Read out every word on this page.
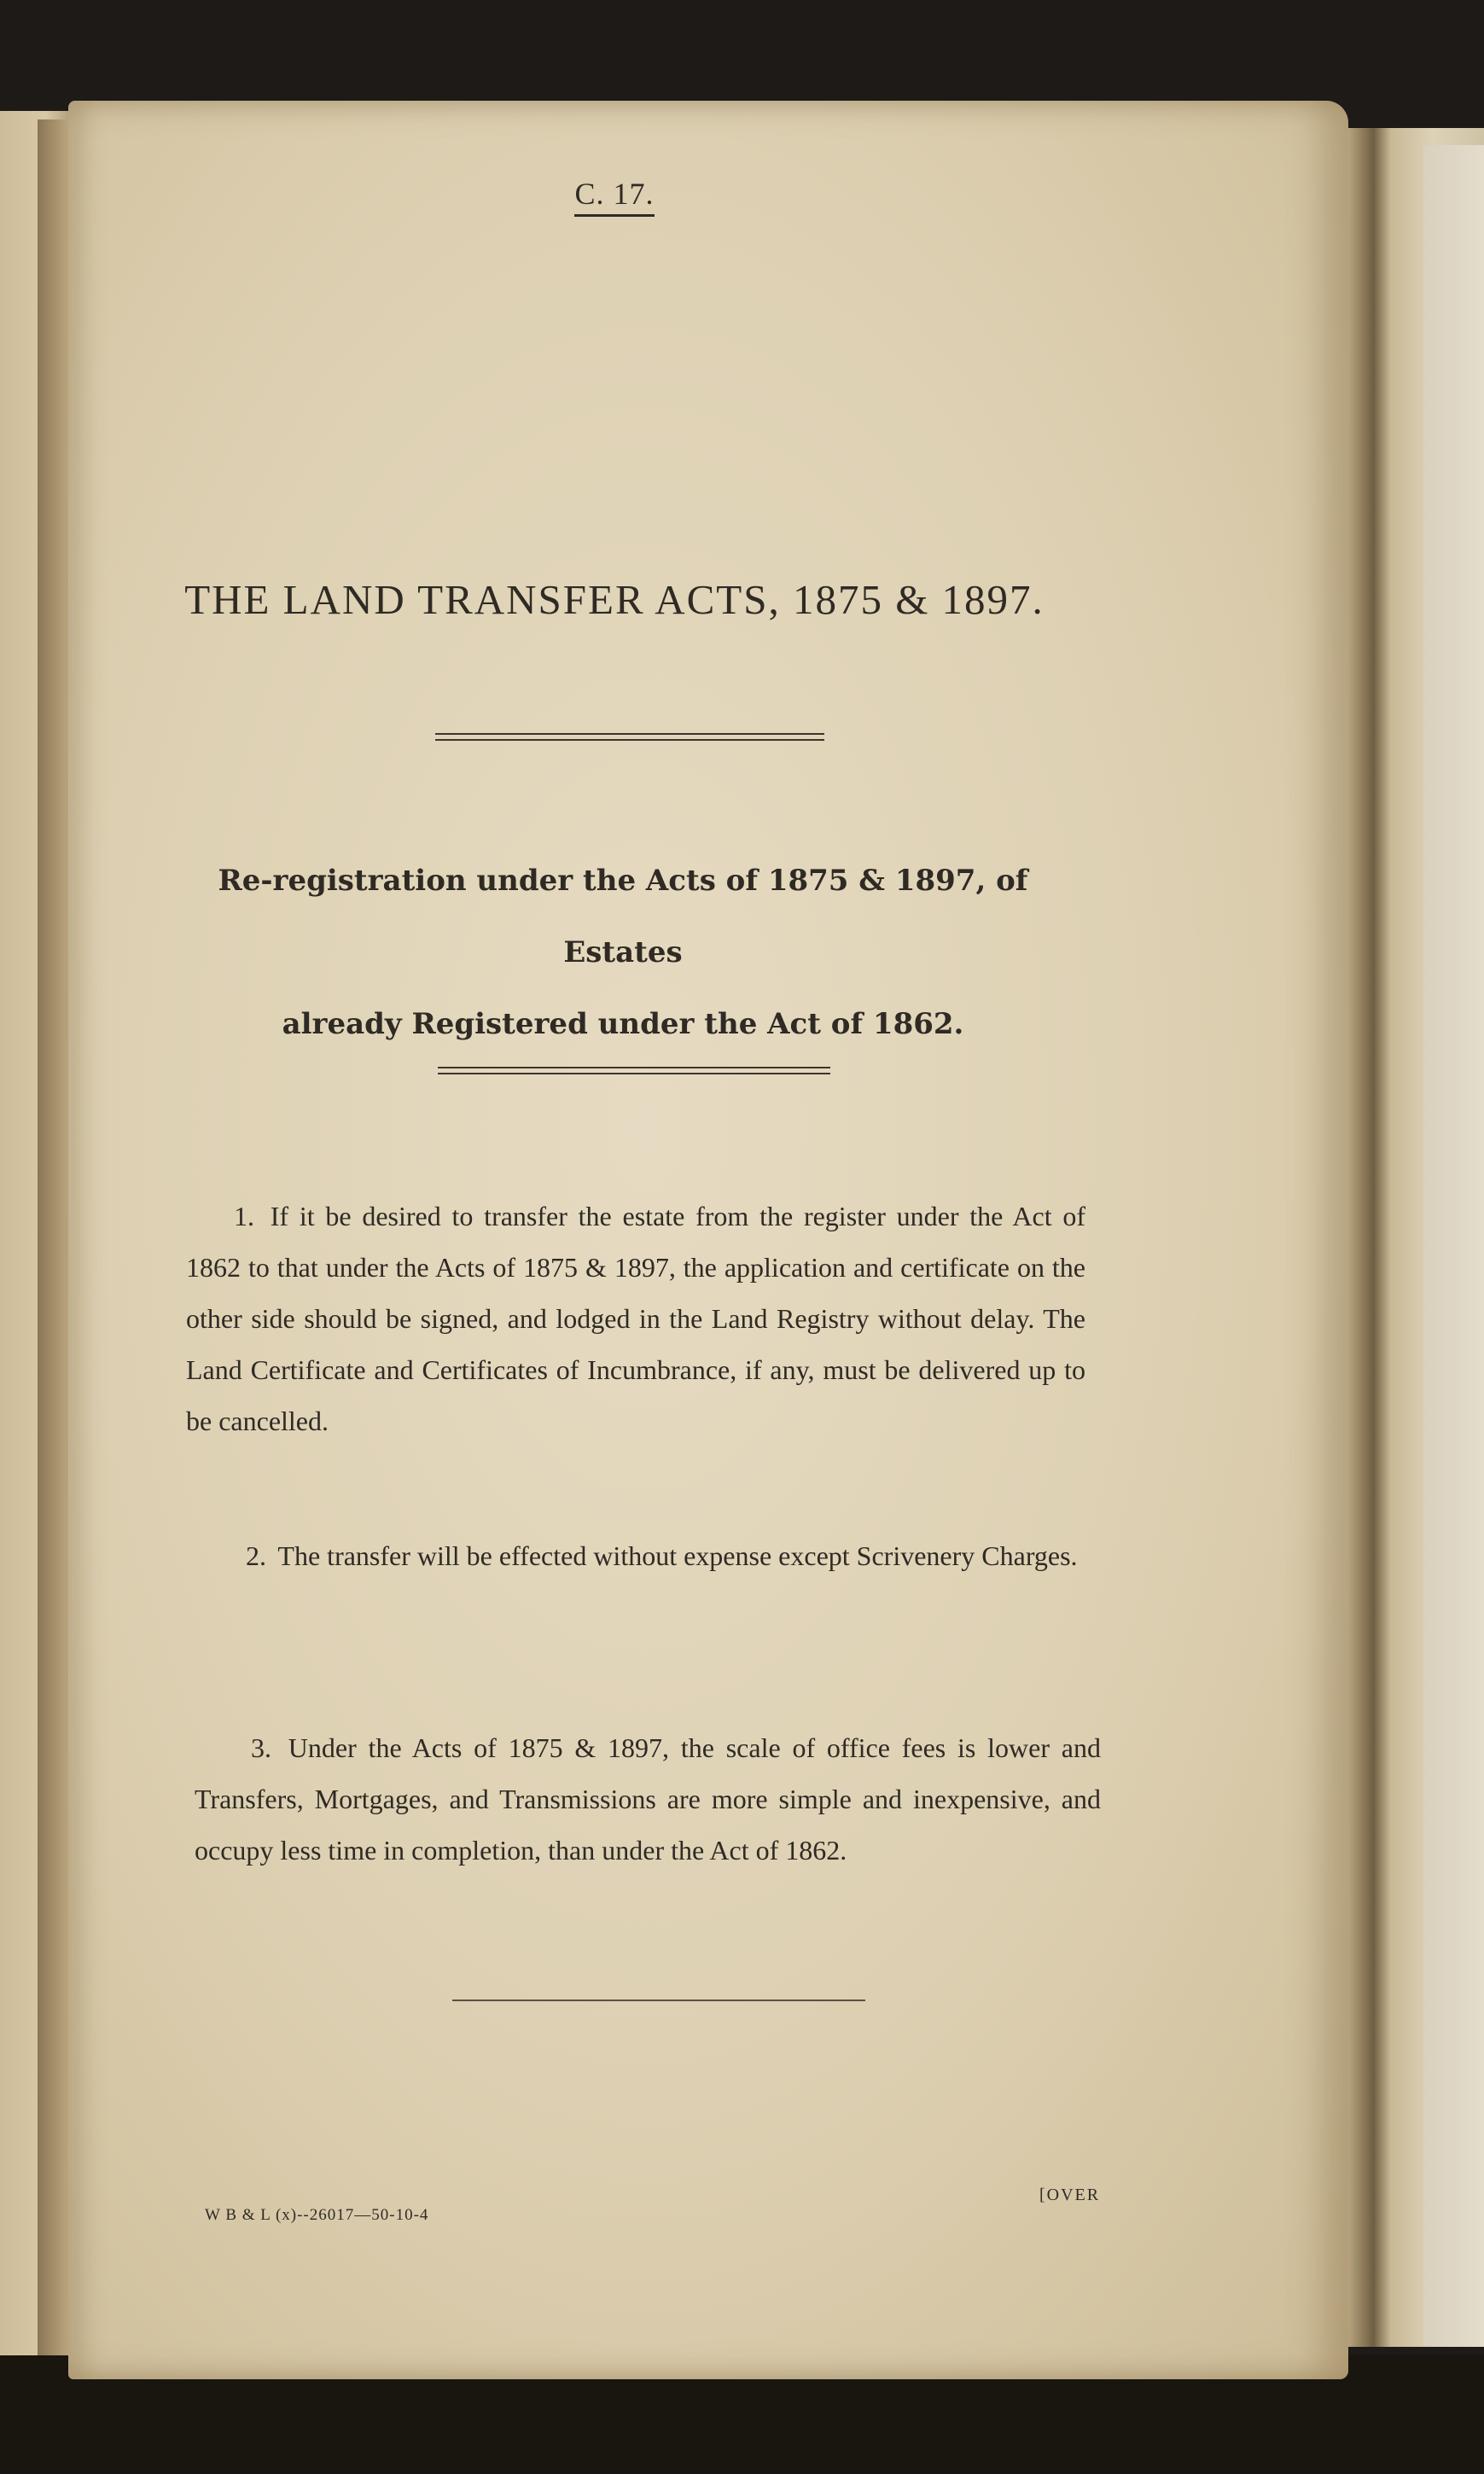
C. 17.
THE LAND TRANSFER ACTS, 1875 & 1897.
Re-registration under the Acts of 1875 & 1897, of Estates
already Registered under the Act of 1862.
1. If it be desired to transfer the estate from the register under the Act of 1862 to that under the Acts of 1875 & 1897, the application and certificate on the other side should be signed, and lodged in the Land Registry without delay. The Land Certificate and Certificates of Incumbrance, if any, must be delivered up to be cancelled.
2. The transfer will be effected without expense except Scrivenery Charges.
3. Under the Acts of 1875 & 1897, the scale of office fees is lower and Transfers, Mortgages, and Transmissions are more simple and inexpensive, and occupy less time in completion, than under the Act of 1862.
W B & L (x)--26017—50-10-4
[OVER
